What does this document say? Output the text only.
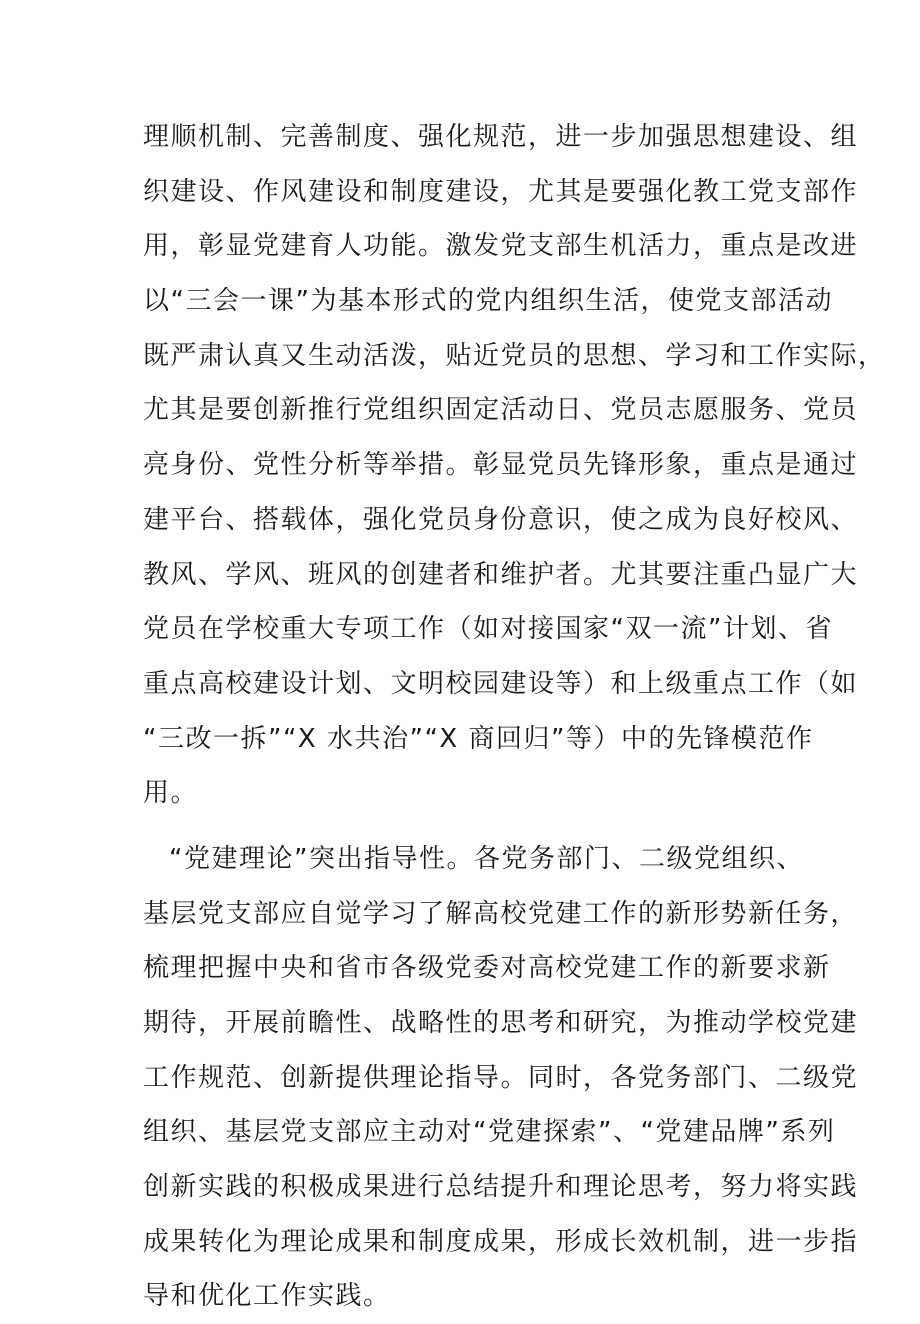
理顺机制、完善制度、强化规范，进一步加强思想建设、组
织建设、作风建设和制度建设，尤其是要强化教工党支部作
用，彰显党建育人功能。激发党支部生机活力，重点是改进
以“三会一课”为基本形式的党内组织生活，使党支部活动
既严肃认真又生动活泼，贴近党员的思想、学习和工作实际，
尤其是要创新推行党组织固定活动日、党员志愿服务、党员
亮身份、党性分析等举措。彰显党员先锋形象，重点是通过
建平台、搭载体，强化党员身份意识，使之成为良好校风、
教风、学风、班风的创建者和维护者。尤其要注重凸显广大
党员在学校重大专项工作（如对接国家“双一流”计划、省
重点高校建设计划、文明校园建设等）和上级重点工作（如
“三改一拆”“X 水共治”“X 商回归”等）中的先锋模范作
用。
“党建理论”突出指导性。各党务部门、二级党组织、
基层党支部应自觉学习了解高校党建工作的新形势新任务，
梳理把握中央和省市各级党委对高校党建工作的新要求新
期待，开展前瞻性、战略性的思考和研究，为推动学校党建
工作规范、创新提供理论指导。同时，各党务部门、二级党
组织、基层党支部应主动对“党建探索”、“党建品牌”系列
创新实践的积极成果进行总结提升和理论思考，努力将实践
成果转化为理论成果和制度成果，形成长效机制，进一步指
导和优化工作实践。
